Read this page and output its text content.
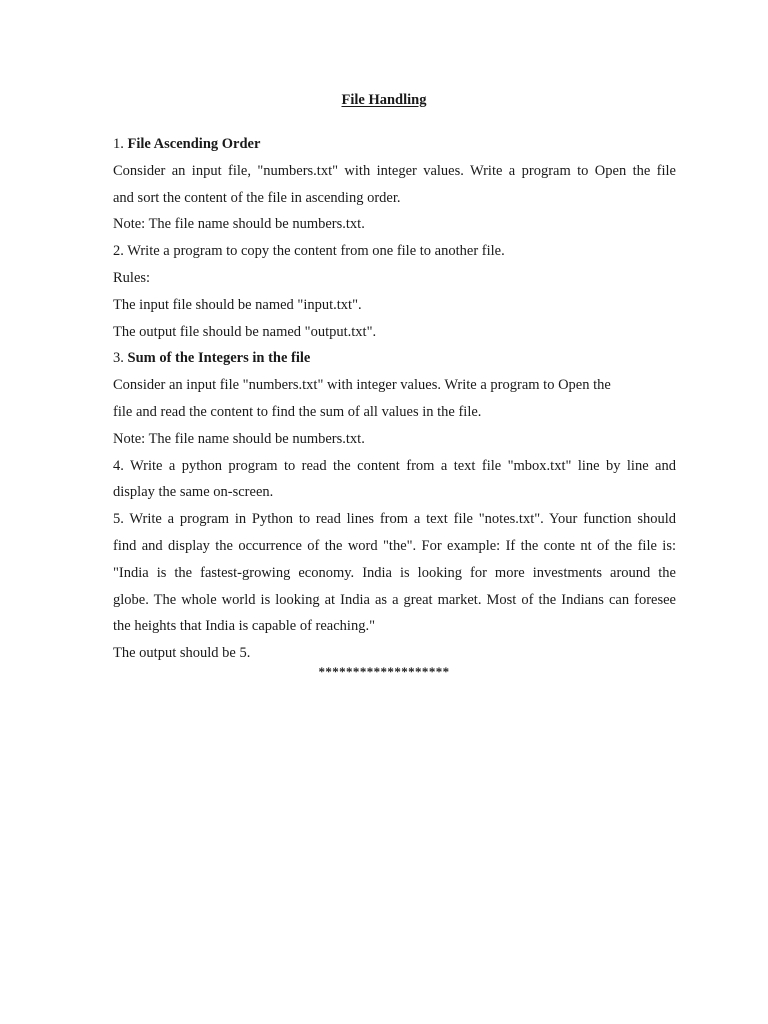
File Handling
1. File Ascending Order
Consider an input file, "numbers.txt" with integer values. Write a program to Open the file
and sort the content of the file in ascending order.
Note: The file name should be numbers.txt.
2. Write a program to copy the content from one file to another file.
Rules:
The input file should be named "input.txt".
The output file should be named "output.txt".
3. Sum of the Integers in the file
Consider an input file "numbers.txt" with integer values. Write a program to Open the
file and read the content to find the sum of all values in the file.
Note: The file name should be numbers.txt.
4. Write a python program to read the content from a text file "mbox.txt" line by line and
display the same on-screen.
5. Write a program in Python to read lines from a text file "notes.txt". Your function should
find and display the occurrence of the word "the". For example: If the conte nt of the file is:
"India is the fastest-growing economy. India is looking for more investments around the
globe. The whole world is looking at India as a great market. Most of the Indians can foresee
the heights that India is capable of reaching."
The output should be 5.
*******************
